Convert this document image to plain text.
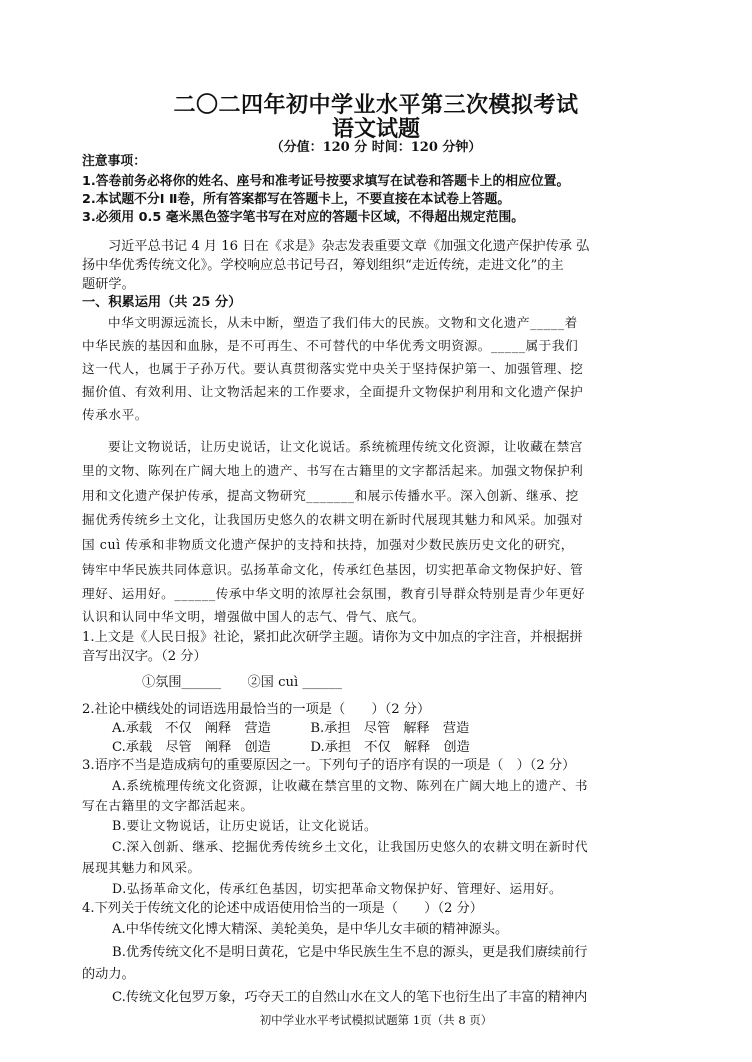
二〇二四年初中学业水平第三次模拟考试
语文试题
（分值：120 分 时间：120 分钟）
注意事项：
1.答卷前务必将你的姓名、座号和准考证号按要求填写在试卷和答题卡上的相应位置。
2.本试题不分Ⅰ Ⅱ卷，所有答案都写在答题卡上，不要直接在本试卷上答题。
3.必须用 0.5 毫米黑色签字笔书写在对应的答题卡区域，不得超出规定范围。
习近平总书记 4 月 16 日在《求是》杂志发表重要文章《加强文化遗产保护传承 弘
扬中华优秀传统文化》。学校响应总书记号召，筹划组织“走近传统，走进文化”的主
题研学。
一、积累运用（共 25 分）
中华文明源远流长，从未中断，塑造了我们伟大的民族。文物和文化遗产_____着
中华民族的基因和血脉，是不可再生、不可替代的中华优秀文明资源。_____属于我们
这一代人，也属于子孙万代。要认真贯彻落实党中央关于坚持保护第一、加强管理、挖
掘价值、有效利用、让文物活起来的工作要求，全面提升文物保护利用和文化遗产保护
传承水平。
要让文物说话，让历史说话，让文化说话。系统梳理传统文化资源，让收藏在禁宫
里的文物、陈列在广阔大地上的遗产、书写在古籍里的文字都活起来。加强文物保护利
用和文化遗产保护传承，提高文物研究_______和展示传播水平。深入创新、继承、挖
掘优秀传统乡土文化，让我国历史悠久的农耕文明在新时代展现其魅力和风采。加强对
国 cuì 传承和非物质文化遗产保护的支持和扶持，加强对少数民族历史文化的研究，
铸牢中华民族共同体意识。弘扬革命文化，传承红色基因，切实把革命文物保护好、管
理好、运用好。______传承中华文明的浓厚社会氛围，教育引导群众特别是青少年更好
认识和认同中华文明，增强做中国人的志气、骨气、底气。
1.上文是《人民日报》社论，紧扣此次研学主题。请你为文中加点的字注音，并根据拼
音写出汉字。（2 分）
①氛围______　　②国 cuì ______
2.社论中横线处的词语选用最恰当的一项是（　　）（2 分）
A.承载　不仅　阐释　营造　　　B.承担　尽管　解释　营造
C.承载　尽管　阐释　创造　　　D.承担　不仅　解释　创造
3.语序不当是造成病句的重要原因之一。下列句子的语序有误的一项是（　）（2 分）
A.系统梳理传统文化资源，让收藏在禁宫里的文物、陈列在广阔大地上的遗产、书
写在古籍里的文字都活起来。
B.要让文物说话，让历史说话，让文化说话。
C.深入创新、继承、挖掘优秀传统乡土文化，让我国历史悠久的农耕文明在新时代
展现其魅力和风采。
D.弘扬革命文化，传承红色基因，切实把革命文物保护好、管理好、运用好。
4.下列关于传统文化的论述中成语使用恰当的一项是（　　）（2 分）
A.中华传统文化博大精深、美轮美奂，是中华儿女丰硕的精神源头。
B.优秀传统文化不是明日黄花，它是中华民族生生不息的源头，更是我们赓续前行
的动力。
C.传统文化包罗万象，巧夺天工的自然山水在文人的笔下也衍生出了丰富的精神内
初中学业水平考试模拟试题第 1页（共 8 页）
